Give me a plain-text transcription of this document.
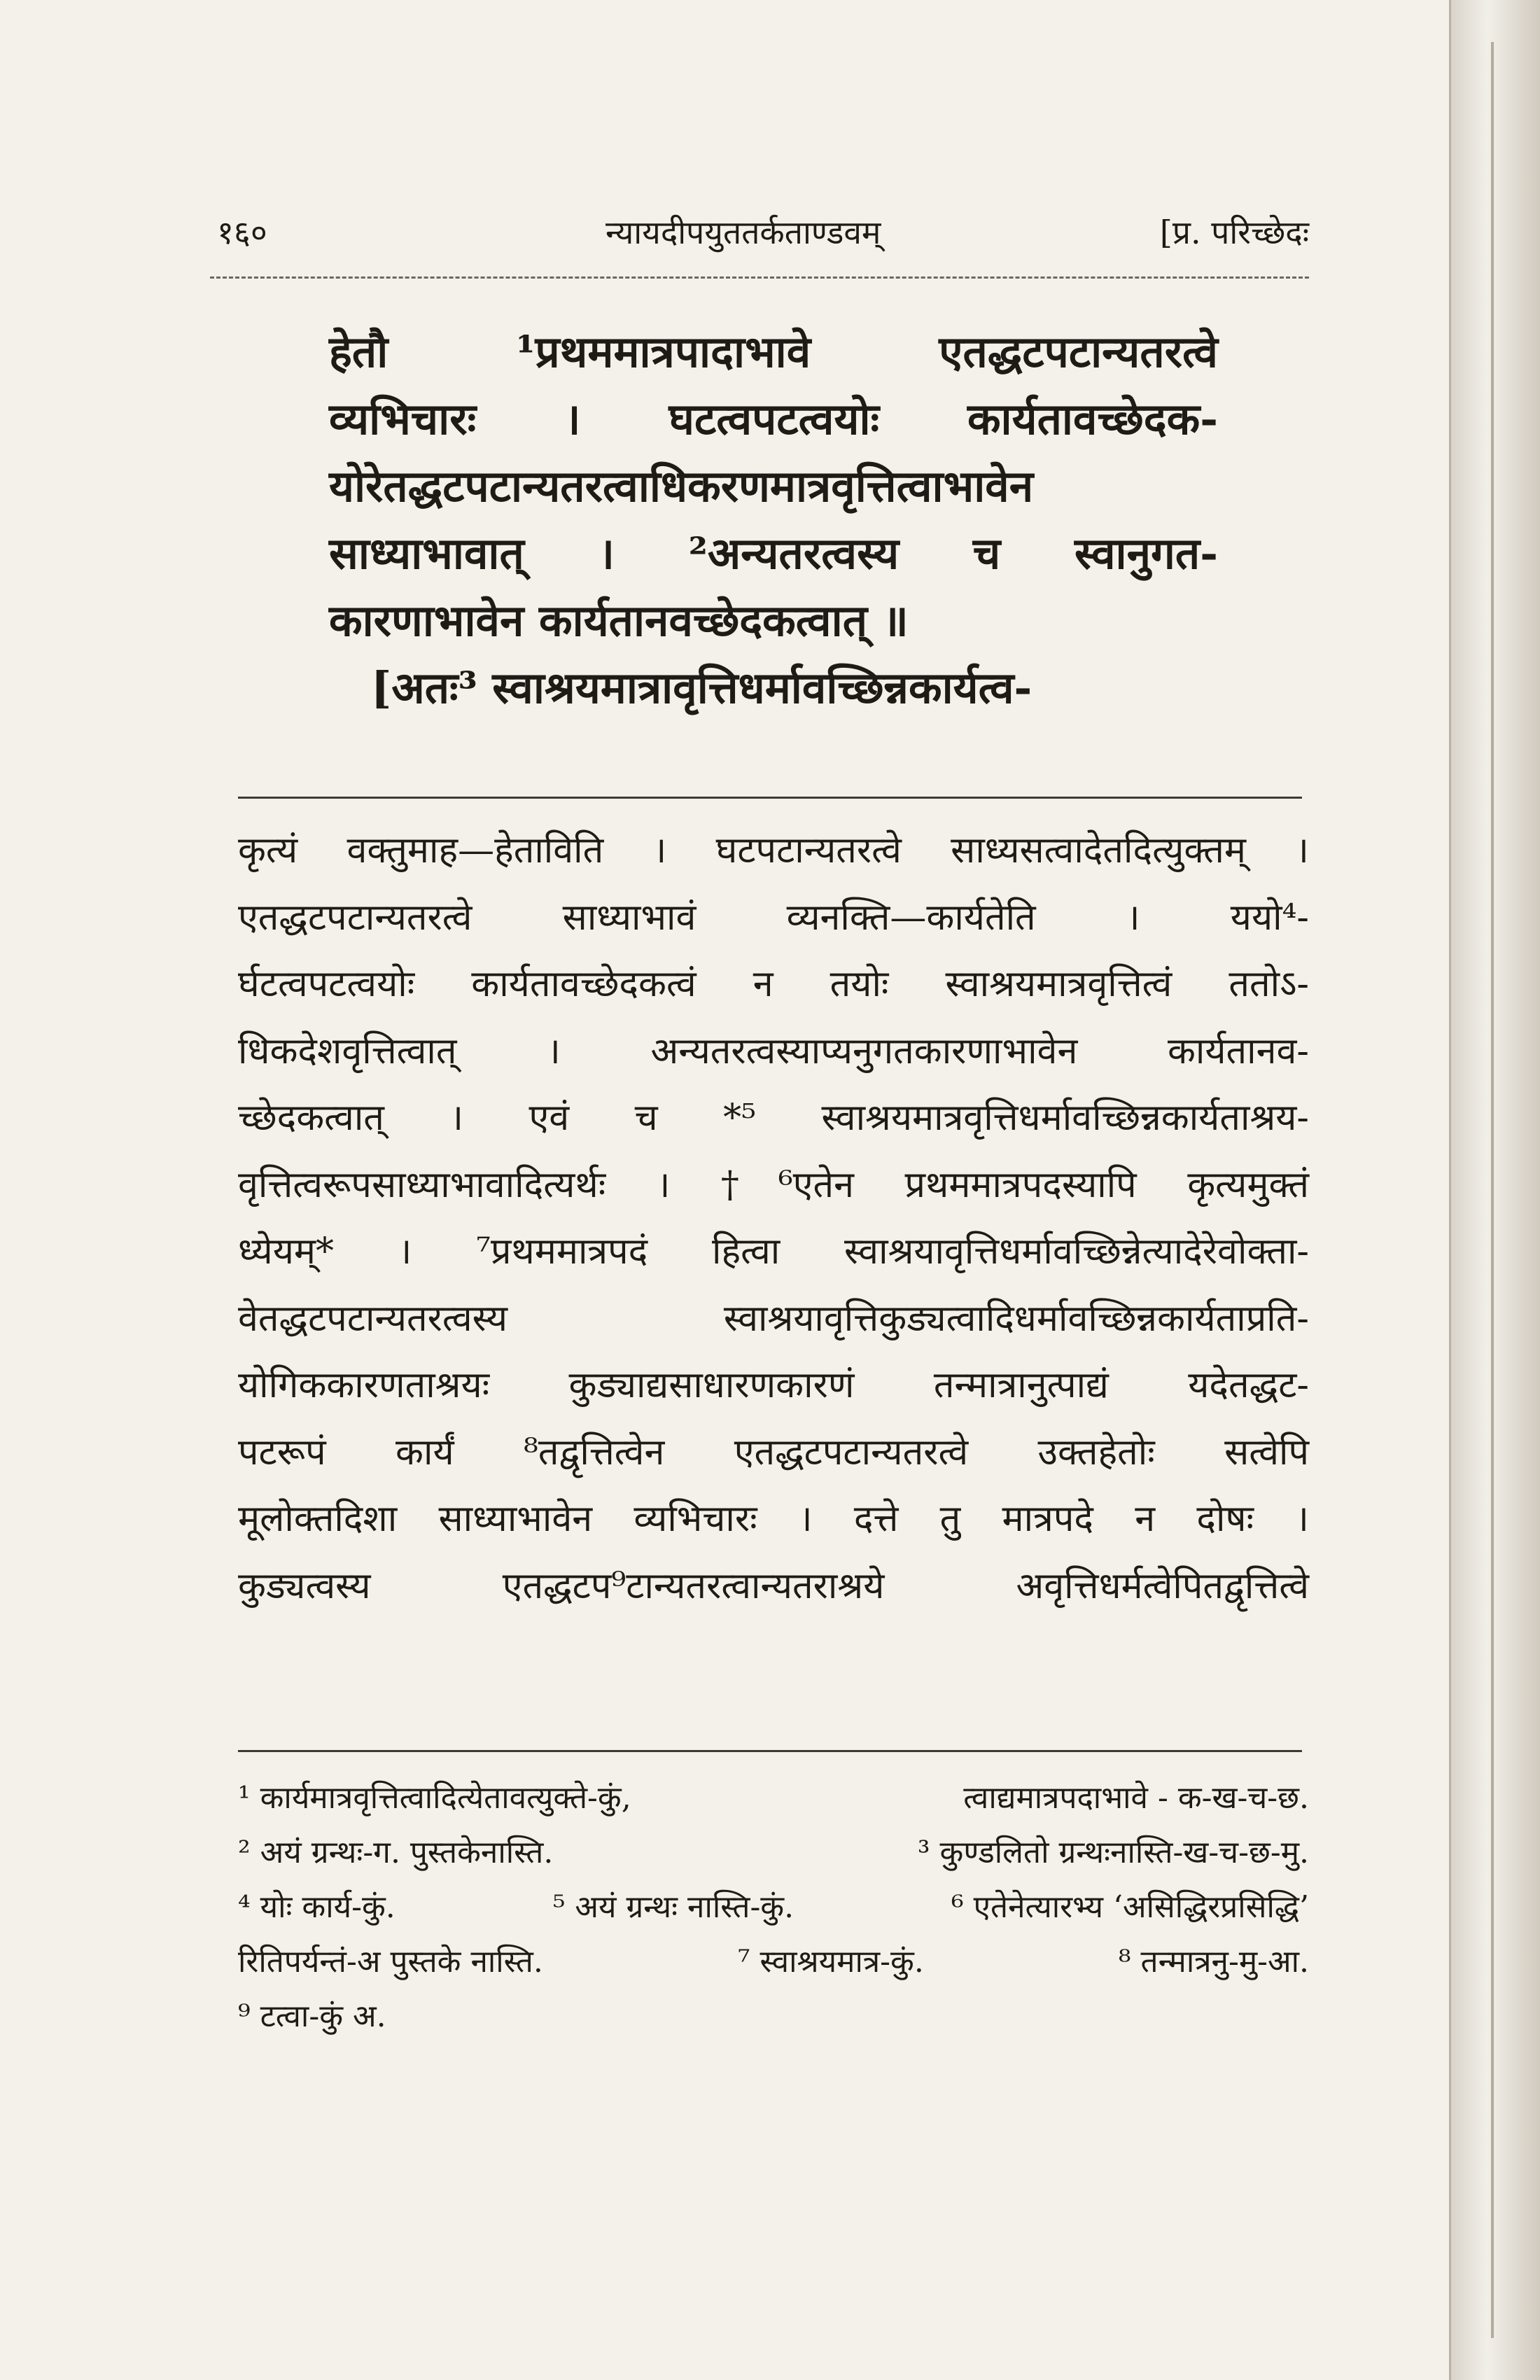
१६०	न्यायदीपयुततर्कताण्डवम्	[प्र. परिच्छेदः

हेतौ ¹प्रथममात्रपादाभावे एतद्धटपटान्यतरत्वे

व्यभिचारः । घटत्वपटत्वयोः कार्यतावच्छेदक-

योरेतद्धटपटान्यतरत्वाधिकरणमात्रवृत्तित्वाभावेन

साध्याभावात् । ²अन्यतरत्वस्य च स्वानुगत-

कारणाभावेन कार्यतानवच्छेदकत्वात् ॥

[अतः³ स्वाश्रयमात्रावृत्तिधर्मावच्छिन्नकार्यत्व-

कृत्यं वक्तुमाह—हेताविति । घटपटान्यतरत्वे साध्यसत्वादेतदित्युक्तम् ।

एतद्धटपटान्यतरत्वे साध्याभावं व्यनक्ति—कार्यतेति । ययो⁴-

र्घटत्वपटत्वयोः कार्यतावच्छेदकत्वं न तयोः स्वाश्रयमात्रवृत्तित्वं ततोऽ-

धिकदेशवृत्तित्वात् । अन्यतरत्वस्याप्यनुगतकारणाभावेन कार्यतानव-

च्छेदकत्वात् । एवं च *⁵ स्वाश्रयमात्रवृत्तिधर्मावच्छिन्नकार्यताश्रय-

वृत्तित्वरूपसाध्याभावादित्यर्थः । †⁶एतेन प्रथममात्रपदस्यापि कृत्यमुक्तं

ध्येयम्* । ⁷प्रथममात्रपदं हित्वा स्वाश्रयावृत्तिधर्मावच्छिन्नेत्यादेरेवोक्ता-

वेतद्धटपटान्यतरत्वस्य स्वाश्रयावृत्तिकुड्यत्वादिधर्मावच्छिन्नकार्यताप्रति-

योगिककारणताश्रयः कुड्याद्यसाधारणकारणं तन्मात्रानुत्पाद्यं यदेतद्धट-

पटरूपं कार्यं ⁸तद्वृत्तित्वेन एतद्धटपटान्यतरत्वे उक्तहेतोः सत्वेपि

मूलोक्तदिशा साध्याभावेन व्यभिचारः । दत्ते तु मात्रपदे न दोषः ।

कुड्यत्वस्य एतद्धटप⁹टान्यतरत्वान्यतराश्रये अवृत्तिधर्मत्वेपितद्वृत्तित्वे

¹ कार्यमात्रवृत्तित्वादित्येतावत्युक्ते-कुं,	त्वाद्यमात्रपदाभावे - क-ख-च-छ.
² अयं ग्रन्थः-ग. पुस्तकेनास्ति.	³ कुण्डलितो ग्रन्थःनास्ति-ख-च-छ-मु.
⁴ योः कार्य-कुं.	⁵ अयं ग्रन्थः नास्ति-कुं.	⁶ एतेनेत्यारभ्य ‘असिद्धिरप्रसिद्धि’
रितिपर्यन्तं-अ पुस्तके नास्ति.	⁷ स्वाश्रयमात्र-कुं.	⁸ तन्मात्रनु-मु-आ.
⁹ टत्वा-कुं अ.
